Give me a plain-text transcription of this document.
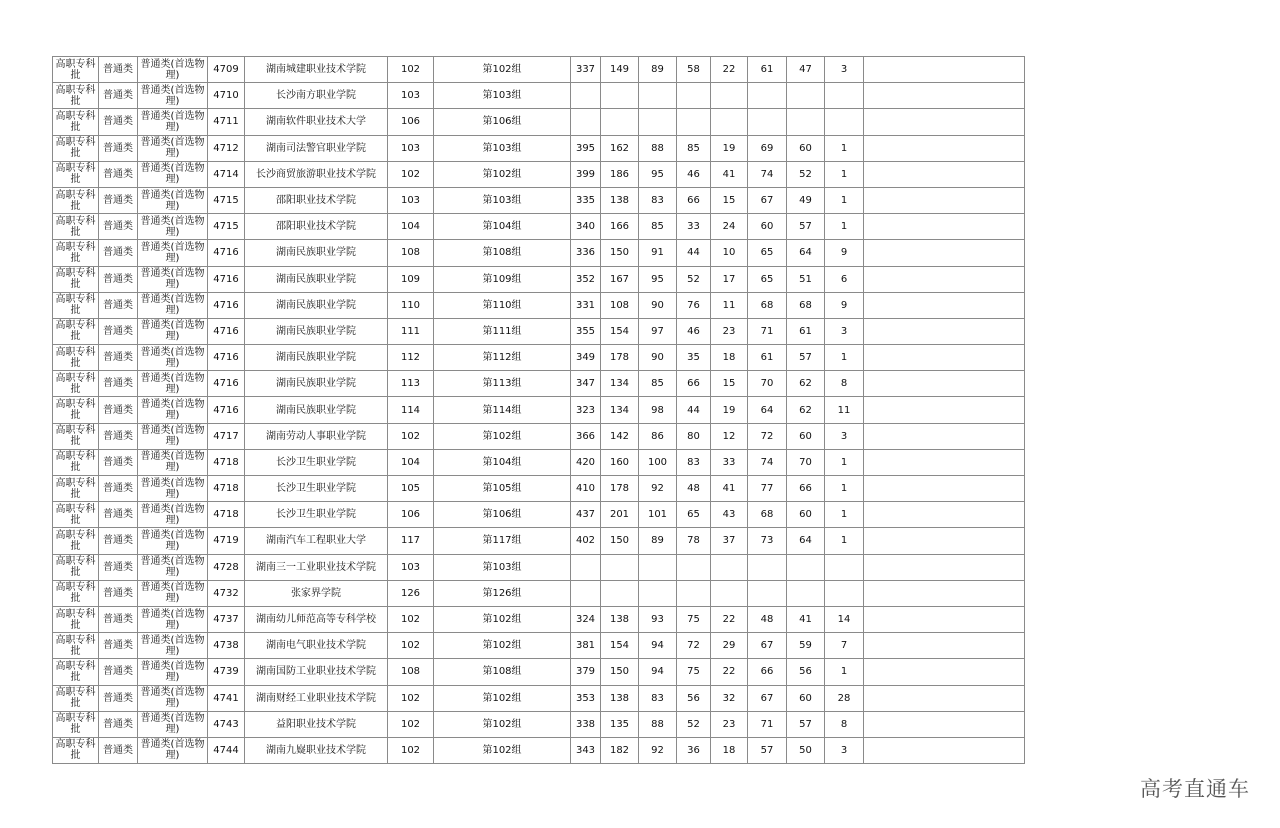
高职专科批	普通类	普通类(首选物理)	4709	湖南城建职业技术学院	102	第102组	337	149	89	58	22	61	47	3	

高职专科批	普通类	普通类(首选物理)	4710	长沙南方职业学院	103	第103组									

高职专科批	普通类	普通类(首选物理)	4711	湖南软件职业技术大学	106	第106组									

高职专科批	普通类	普通类(首选物理)	4712	湖南司法警官职业学院	103	第103组	395	162	88	85	19	69	60	1	

高职专科批	普通类	普通类(首选物理)	4714	长沙商贸旅游职业技术学院	102	第102组	399	186	95	46	41	74	52	1	

高职专科批	普通类	普通类(首选物理)	4715	邵阳职业技术学院	103	第103组	335	138	83	66	15	67	49	1	

高职专科批	普通类	普通类(首选物理)	4715	邵阳职业技术学院	104	第104组	340	166	85	33	24	60	57	1	

高职专科批	普通类	普通类(首选物理)	4716	湖南民族职业学院	108	第108组	336	150	91	44	10	65	64	9	

高职专科批	普通类	普通类(首选物理)	4716	湖南民族职业学院	109	第109组	352	167	95	52	17	65	51	6	

高职专科批	普通类	普通类(首选物理)	4716	湖南民族职业学院	110	第110组	331	108	90	76	11	68	68	9	

高职专科批	普通类	普通类(首选物理)	4716	湖南民族职业学院	111	第111组	355	154	97	46	23	71	61	3	

高职专科批	普通类	普通类(首选物理)	4716	湖南民族职业学院	112	第112组	349	178	90	35	18	61	57	1	

高职专科批	普通类	普通类(首选物理)	4716	湖南民族职业学院	113	第113组	347	134	85	66	15	70	62	8	

高职专科批	普通类	普通类(首选物理)	4716	湖南民族职业学院	114	第114组	323	134	98	44	19	64	62	11	

高职专科批	普通类	普通类(首选物理)	4717	湖南劳动人事职业学院	102	第102组	366	142	86	80	12	72	60	3	

高职专科批	普通类	普通类(首选物理)	4718	长沙卫生职业学院	104	第104组	420	160	100	83	33	74	70	1	

高职专科批	普通类	普通类(首选物理)	4718	长沙卫生职业学院	105	第105组	410	178	92	48	41	77	66	1	

高职专科批	普通类	普通类(首选物理)	4718	长沙卫生职业学院	106	第106组	437	201	101	65	43	68	60	1	

高职专科批	普通类	普通类(首选物理)	4719	湖南汽车工程职业大学	117	第117组	402	150	89	78	37	73	64	1	

高职专科批	普通类	普通类(首选物理)	4728	湖南三一工业职业技术学院	103	第103组									

高职专科批	普通类	普通类(首选物理)	4732	张家界学院	126	第126组									

高职专科批	普通类	普通类(首选物理)	4737	湖南幼儿师范高等专科学校	102	第102组	324	138	93	75	22	48	41	14	

高职专科批	普通类	普通类(首选物理)	4738	湖南电气职业技术学院	102	第102组	381	154	94	72	29	67	59	7	

高职专科批	普通类	普通类(首选物理)	4739	湖南国防工业职业技术学院	108	第108组	379	150	94	75	22	66	56	1	

高职专科批	普通类	普通类(首选物理)	4741	湖南财经工业职业技术学院	102	第102组	353	138	83	56	32	67	60	28	

高职专科批	普通类	普通类(首选物理)	4743	益阳职业技术学院	102	第102组	338	135	88	52	23	71	57	8	

高职专科批	普通类	普通类(首选物理)	4744	湖南九嶷职业技术学院	102	第102组	343	182	92	36	18	57	50	3	
高考直通车
